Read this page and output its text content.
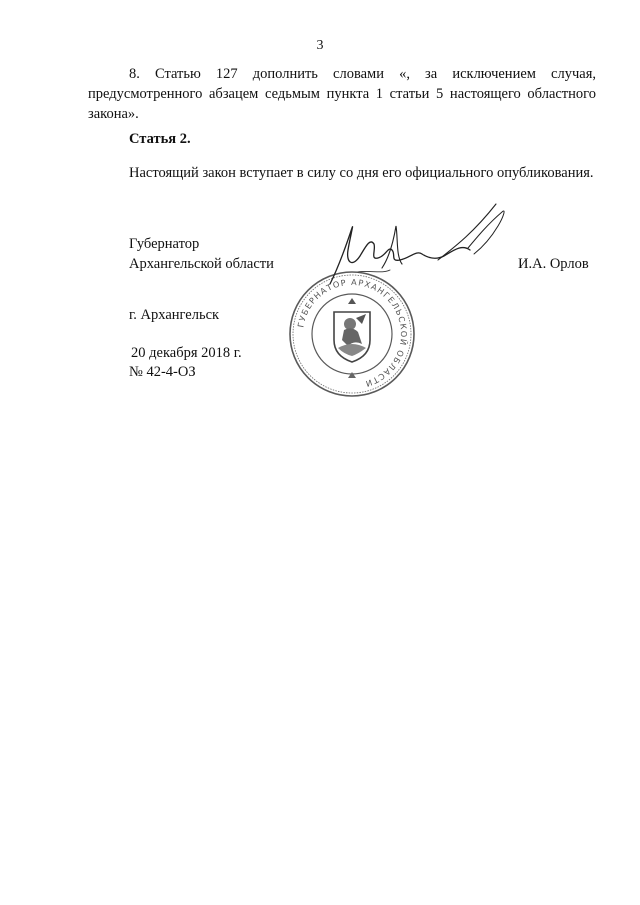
3

8. Статью 127 дополнить словами «, за исключением случая, предусмотренного абзацем седьмым пункта 1 статьи 5 настоящего областного закона».

Статья 2.

Настоящий закон вступает в силу со дня его официального опубликования.

Губернатор
Архангельской области	И.А. Орлов
г. Архангельск
20 декабря 2018 г.
№ 42-4-ОЗ
ГУБЕРНАТОР АРХАНГЕЛЬСКОЙ ОБЛАСТИ
